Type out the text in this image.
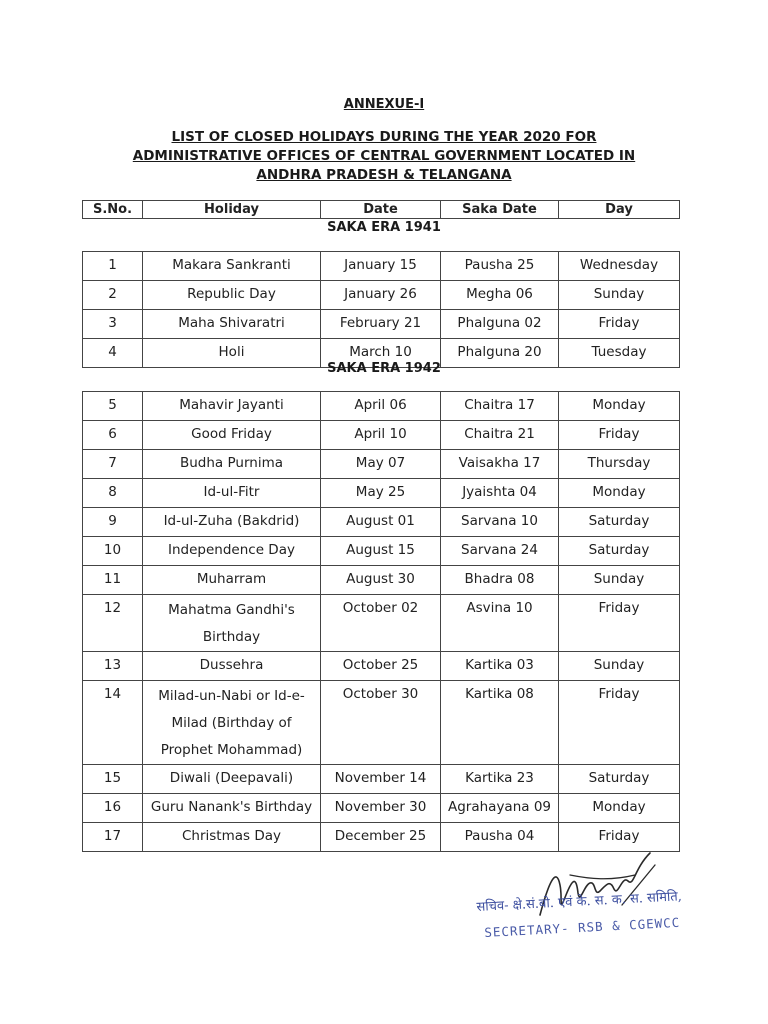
ANNEXUE-I
LIST OF CLOSED HOLIDAYS DURING THE YEAR 2020 FOR
ADMINISTRATIVE OFFICES OF CENTRAL GOVERNMENT LOCATED IN
ANDHRA PRADESH & TELANGANA
S.No.	Holiday	Date	Saka Date	Day
SAKA ERA 1941
1	Makara Sankranti	January 15	Pausha 25	Wednesday
2	Republic Day	January 26	Megha 06	Sunday
3	Maha Shivaratri	February 21	Phalguna 02	Friday
4	Holi	March 10	Phalguna 20	Tuesday
SAKA ERA 1942
5	Mahavir Jayanti	April 06	Chaitra 17	Monday
6	Good Friday	April 10	Chaitra 21	Friday
7	Budha Purnima	May 07	Vaisakha 17	Thursday
8	Id-ul-Fitr	May 25	Jyaishta 04	Monday
9	Id-ul-Zuha (Bakdrid)	August 01	Sarvana 10	Saturday
10	Independence Day	August 15	Sarvana 24	Saturday
11	Muharram	August 30	Bhadra 08	Sunday
12	Mahatma Gandhi's Birthday	October 02	Asvina 10	Friday
13	Dussehra	October 25	Kartika 03	Sunday
14	Milad-un-Nabi or Id-e-Milad (Birthday of Prophet Mohammad)	October 30	Kartika 08	Friday
15	Diwali (Deepavali)	November 14	Kartika 23	Saturday
16	Guru Nanank's Birthday	November 30	Agrahayana 09	Monday
17	Christmas Day	December 25	Pausha 04	Friday
सचिव- क्षे.सं.बो. एवं के. स. क. स. समिति,
SECRETARY- RSB & CGEWCC
